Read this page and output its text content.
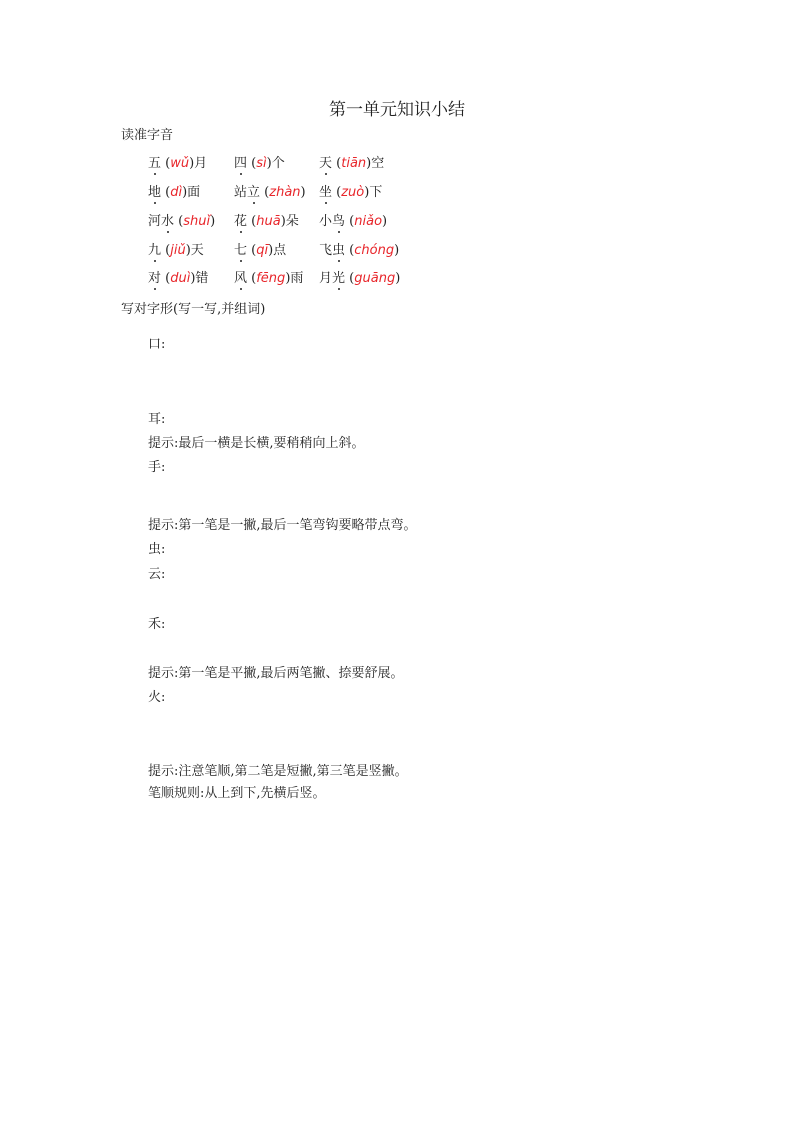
第一单元知识小结
读准字音
五 (wǔ)月 四 (sì)个	天 (tiān)空
地 (dì)面	站立 (zhàn) 坐 (zuò)下
河水 (shuǐ) 花 (huā)朵 小鸟 (niǎo)
九 (jiǔ)天 七 (qī)点	飞虫 (chóng)
对 (duì)错 风 (fēng)雨 月光 (guāng)
写对字形(写一写,并组词)
口:
耳:
提示:最后一横是长横,要稍稍向上斜。
手:
提示:第一笔是一撇,最后一笔弯钩要略带点弯。
虫:
云:
禾:
提示:第一笔是平撇,最后两笔撇、捺要舒展。
火:
提示:注意笔顺,第二笔是短撇,第三笔是竖撇。
笔顺规则:从上到下,先横后竖。
